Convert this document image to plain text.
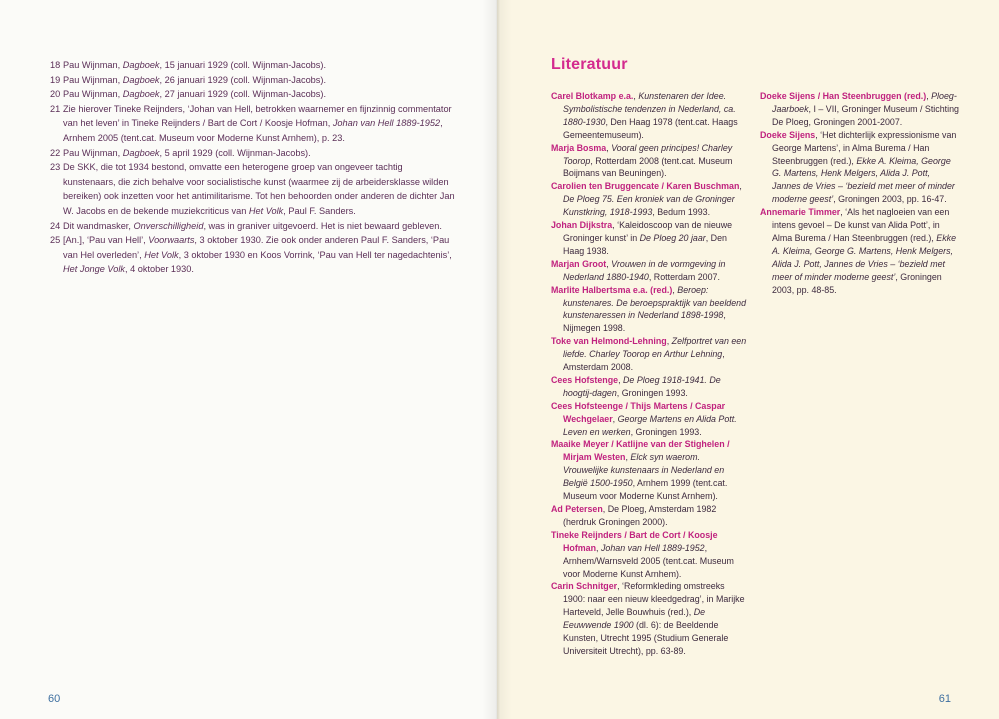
18 Pau Wijnman, Dagboek, 15 januari 1929 (coll. Wijnman-Jacobs).

19 Pau Wijnman, Dagboek, 26 januari 1929 (coll. Wijnman-Jacobs).

20 Pau Wijnman, Dagboek, 27 januari 1929 (coll. Wijnman-Jacobs).

21 Zie hierover Tineke Reijnders, ‘Johan van Hell, betrokken waarnemer en fijnzinnig commentator van het leven’ in Tineke Reijnders / Bart de Cort / Koosje Hofman, Johan van Hell 1889-1952, Arnhem 2005 (tent.cat. Museum voor Moderne Kunst Arnhem), p. 23.

22 Pau Wijnman, Dagboek, 5 april 1929 (coll. Wijnman-Jacobs).

23 De SKK, die tot 1934 bestond, omvatte een heterogene groep van ongeveer tachtig kunstenaars, die zich behalve voor socialistische kunst (waarmee zij de arbeidersklasse wilden bereiken) ook inzetten voor het antimilitarisme. Tot hen behoorden onder anderen de dichter Jan W. Jacobs en de bekende muziekcriticus van Het Volk, Paul F. Sanders.

24 Dit wandmasker, Onverschilligheid, was in graniver uitgevoerd. Het is niet bewaard gebleven.

25 [An.], ‘Pau van Hell’, Voorwaarts, 3 oktober 1930. Zie ook onder anderen Paul F. Sanders, ‘Pau van Hel overleden’, Het Volk, 3 oktober 1930 en Koos Vorrink, ‘Pau van Hell ter nagedachtenis’, Het Jonge Volk, 4 oktober 1930.

60
Literatuur

Carel Blotkamp e.a., Kunstenaren der Idee. Symbolistische tendenzen in Nederland, ca. 1880-1930, Den Haag 1978 (tent.cat. Haags Gemeentemuseum).

Marja Bosma, Vooral geen principes! Charley Toorop, Rotterdam 2008 (tent.cat. Museum Boijmans van Beuningen).

Carolien ten Bruggencate / Karen Buschman, De Ploeg 75. Een kroniek van de Groninger Kunstkring, 1918-1993, Bedum 1993.

Johan Dijkstra, ‘Kaleidoscoop van de nieuwe Groninger kunst’ in De Ploeg 20 jaar, Den Haag 1938.

Marjan Groot, Vrouwen in de vormgeving in Nederland 1880-1940, Rotterdam 2007.

Marlite Halbertsma e.a. (red.), Beroep: kunstenares. De beroepspraktijk van beeldend kunstenaressen in Nederland 1898-1998, Nijmegen 1998.

Toke van Helmond-Lehning, Zelfportret van een liefde. Charley Toorop en Arthur Lehning, Amsterdam 2008.

Cees Hofstenge, De Ploeg 1918-1941. De hoogtij-dagen, Groningen 1993.

Cees Hofsteenge / Thijs Martens / Caspar Wechgelaer, George Martens en Alida Pott. Leven en werken, Groningen 1993.

Maaike Meyer / Katlijne van der Stighelen / Mirjam Westen, Elck syn waerom. Vrouwelijke kunstenaars in Nederland en België 1500-1950, Arnhem 1999 (tent.cat. Museum voor Moderne Kunst Arnhem).

Ad Petersen, De Ploeg, Amsterdam 1982 (herdruk Groningen 2000).

Tineke Reijnders / Bart de Cort / Koosje Hofman, Johan van Hell 1889-1952, Arnhem/Warnsveld 2005 (tent.cat. Museum voor Moderne Kunst Arnhem).

Carin Schnitger, ‘Reformkleding omstreeks 1900: naar een nieuw kleedgedrag’, in Marijke Harteveld, Jelle Bouwhuis (red.), De Eeuwwende 1900 (dl. 6): de Beeldende Kunsten, Utrecht 1995 (Studium Generale Universiteit Utrecht), pp. 63-89.

Doeke Sijens / Han Steenbruggen (red.), Ploeg-Jaarboek, I – VII, Groninger Museum / Stichting De Ploeg, Groningen 2001-2007.

Doeke Sijens, ‘Het dichterlijk expressionisme van George Martens’, in Alma Burema / Han Steenbruggen (red.), Ekke A. Kleima, George G. Martens, Henk Melgers, Alida J. Pott, Jannes de Vries – ‘bezield met meer of minder moderne geest’, Groningen 2003, pp. 16-47.

Annemarie Timmer, ‘Als het nagloeien van een intens gevoel – De kunst van Alida Pott’, in Alma Burema / Han Steenbruggen (red.), Ekke A. Kleima, George G. Martens, Henk Melgers, Alida J. Pott, Jannes de Vries – ‘bezield met meer of minder moderne geest’, Groningen 2003, pp. 48-85.

61
